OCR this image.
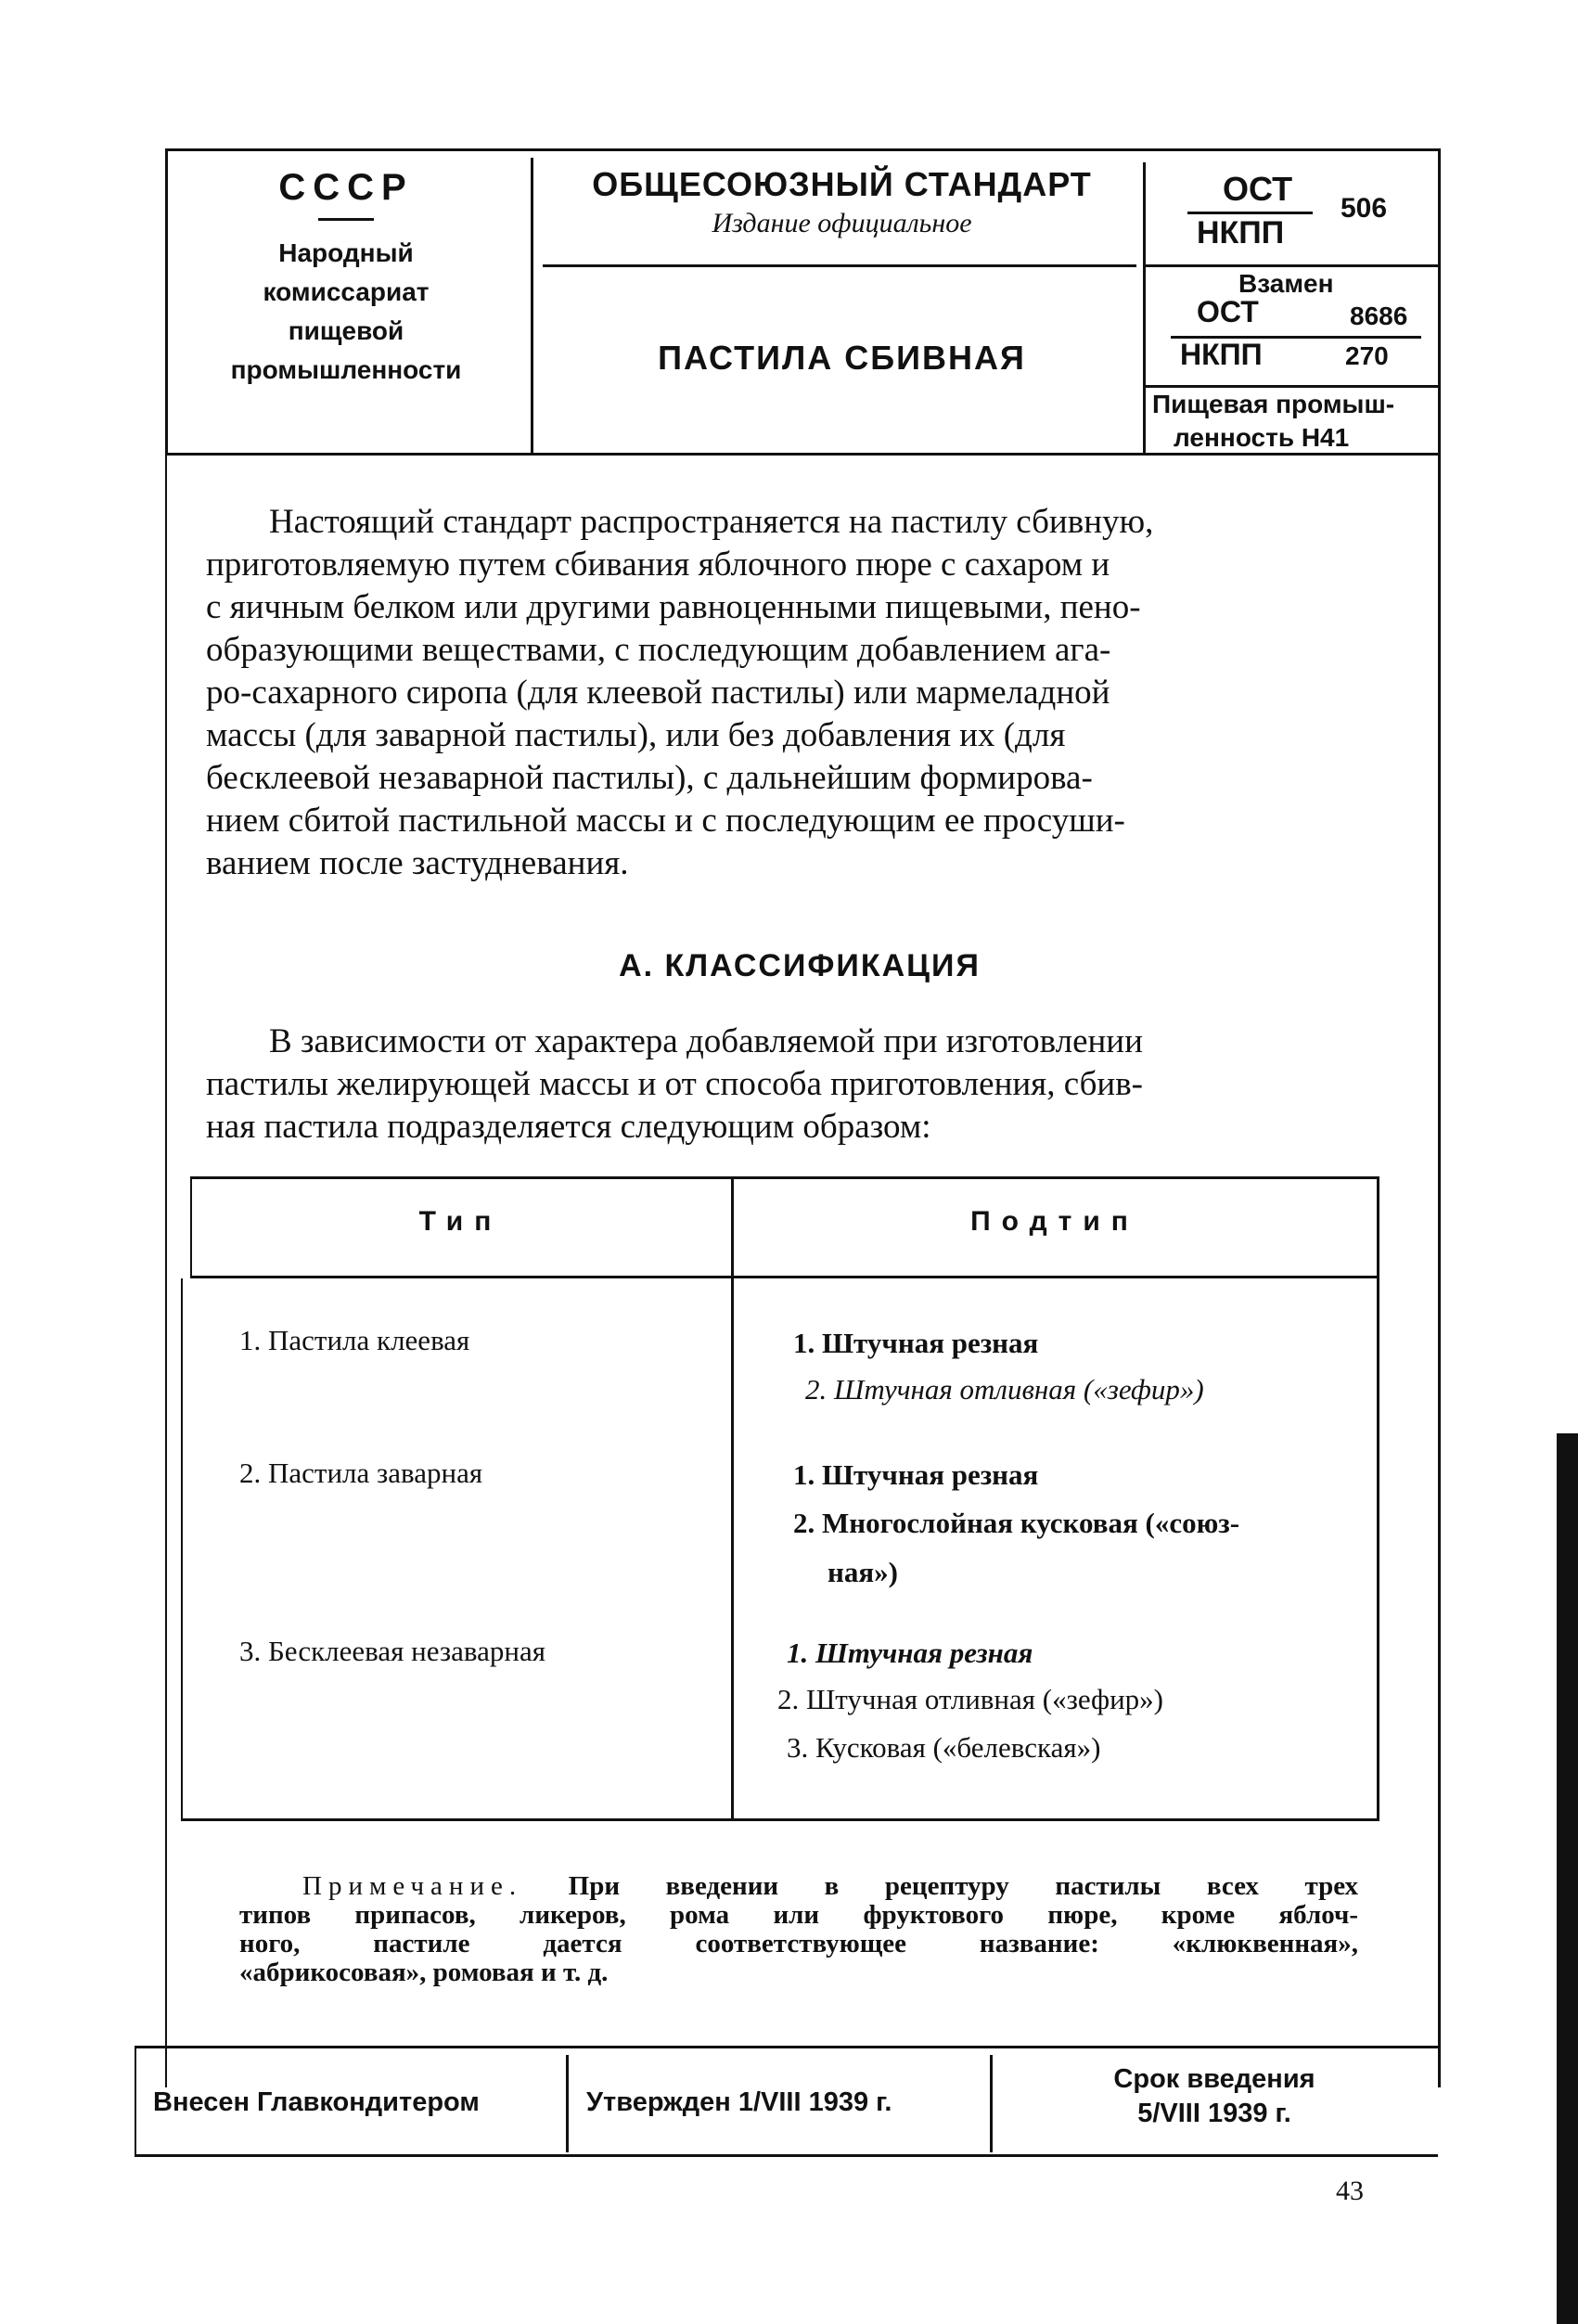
СССР
Народный
комиссариат
пищевой
промышленности
ОБЩЕСОЮЗНЫЙ СТАНДАРТ
Издание официальное
ПАСТИЛА СБИВНАЯ
ОСТ
НКПП
506
Взамен
ОСТ	8686
НКПП	270
Пищевая промыш-
ленность Н41
Настоящий стандарт распространяется на пастилу сбивную,
приготовляемую путем сбивания яблочного пюре с сахаром и
с яичным белком или другими равноценными пищевыми, пено-
образующими веществами, с последующим добавлением ага-
ро-сахарного сиропа (для клеевой пастилы) или мармеладной
массы (для заварной пастилы), или без добавления их (для
бесклеевой незаварной пастилы), с дальнейшим формирова-
нием сбитой пастильной массы и с последующим ее просуши-
ванием после застудневания.
А. КЛАССИФИКАЦИЯ
В зависимости от характера добавляемой при изготовлении
пастилы желирующей массы и от способа приготовления, сбив-
ная пастила подразделяется следующим образом:
Тип	Подтип
1. Пастила клеевая	1. Штучная резная
2. Штучная отливная («зефир»)
2. Пастила заварная	1. Штучная резная
2. Многослойная кусковая («союз-
ная»)
3. Бесклеевая незаварная	1. Штучная резная
2. Штучная отливная («зефир»)
3. Кусковая («белевская»)
Примечание. При введении в рецептуру пастилы всех трех
типов припасов, ликеров, рома или фруктового пюре, кроме яблоч-
ного, пастиле дается соответствующее название: «клюквенная»,
«абрикосовая», ромовая и т. д.
Внесен Главкондитером	Утвержден 1/VIII 1939 г.
Срок введения
5/VIII 1939 г.
43
